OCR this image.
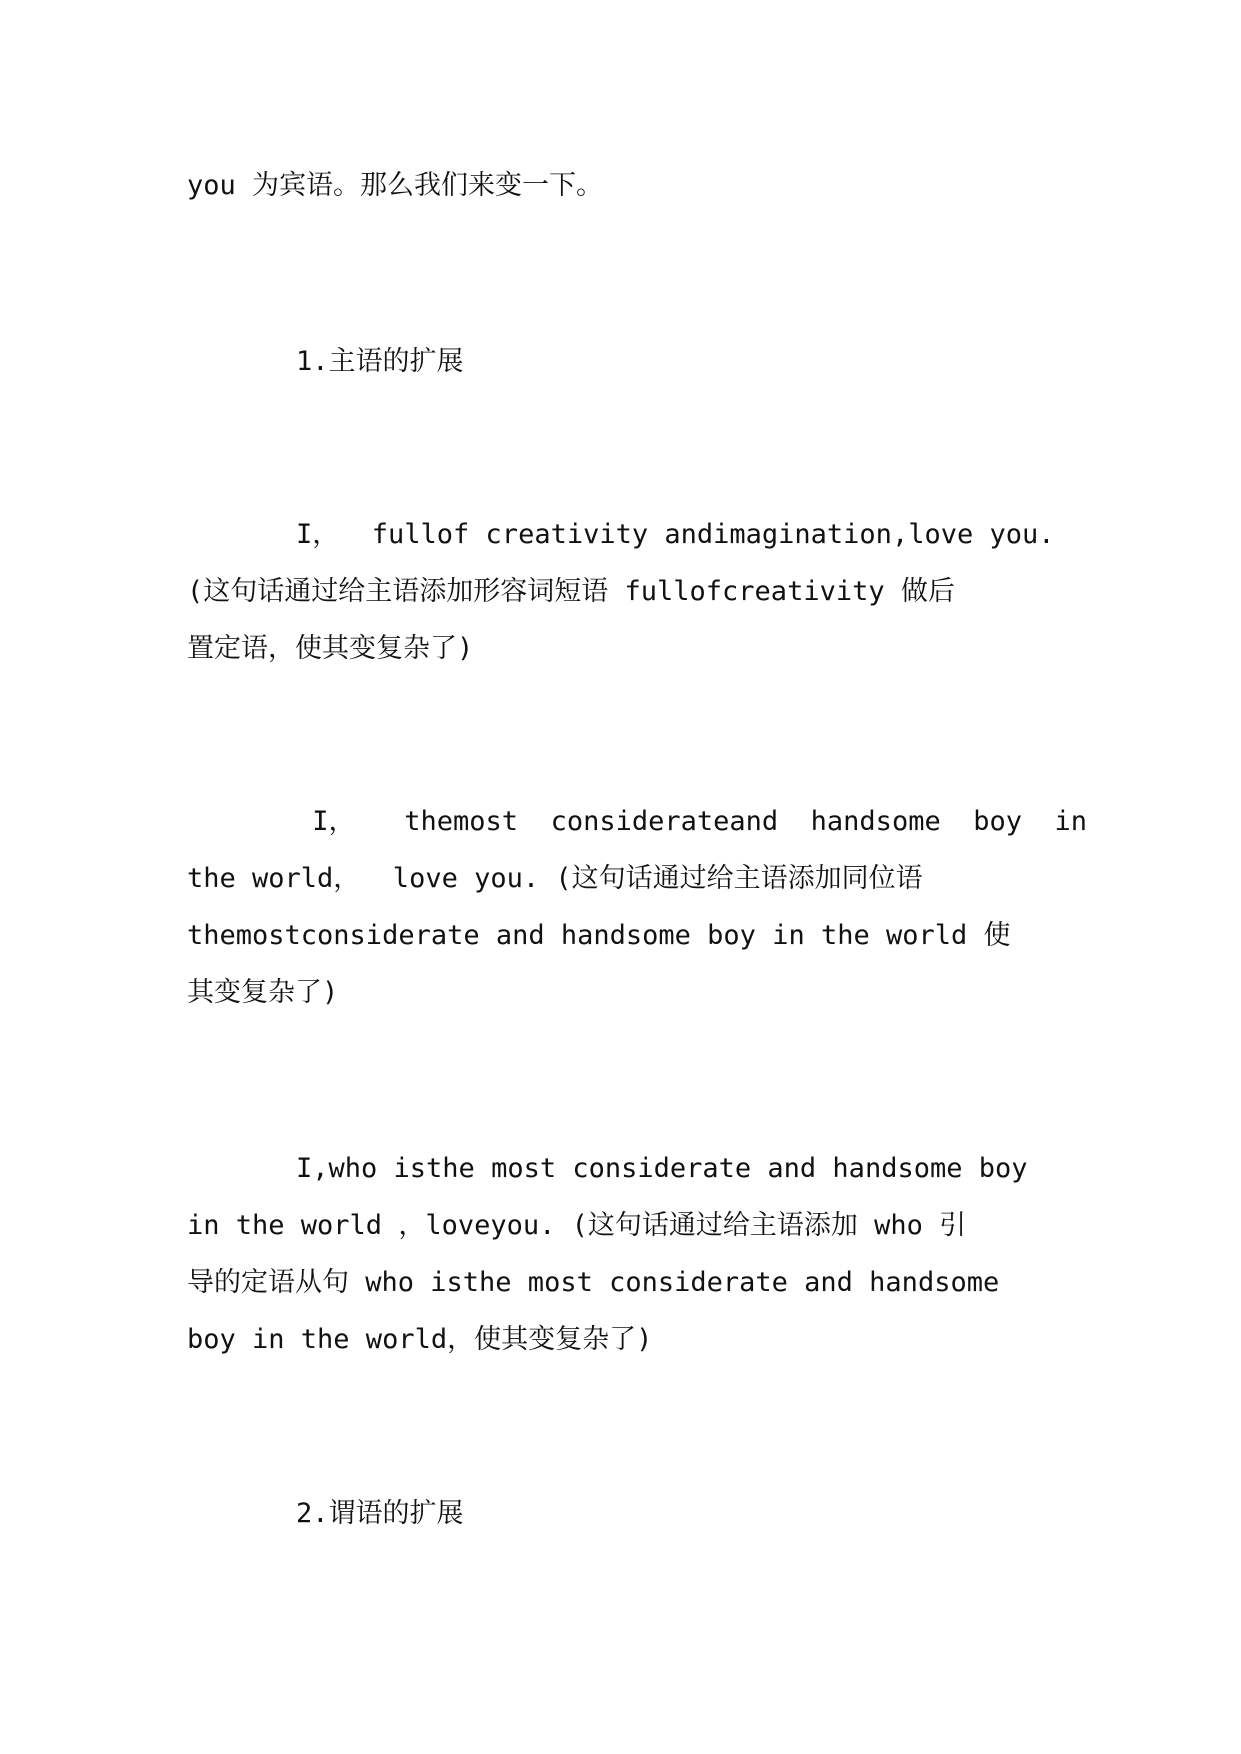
you 为宾语。那么我们来变一下。
1.主语的扩展
I，  fullof creativity andimagination,love you.
(这句话通过给主语添加形容词短语 fullofcreativity 做后
置定语，使其变复杂了)
I，   themost  considerateand  handsome  boy  in
the world，  love you. (这句话通过给主语添加同位语
themostconsiderate and handsome boy in the world 使
其变复杂了)
I,who isthe most considerate and handsome boy
in the world ，loveyou. (这句话通过给主语添加 who 引
导的定语从句 who isthe most considerate and handsome
boy in the world，使其变复杂了)
2.谓语的扩展
